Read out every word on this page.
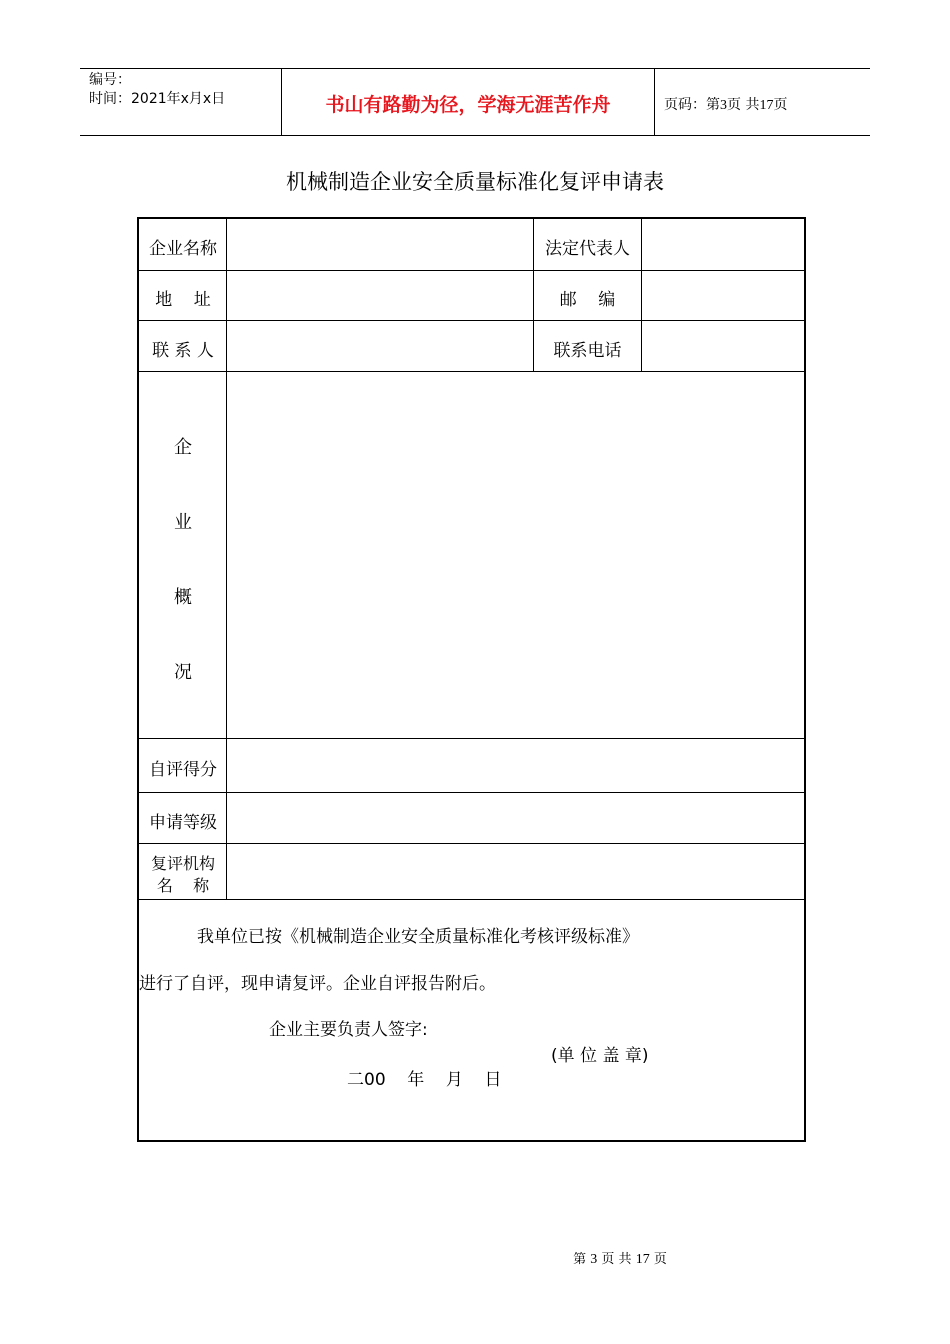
编号：
时间：2021年x月x日	书山有路勤为径，学海无涯苦作舟	页码：第3页 共17页
机械制造企业安全质量标准化复评申请表
企业名称	法定代表人
地    址	邮    编
联 系 人	联系电话
企
业
概
况
自评得分
申请等级
复评机构
名    称
我单位已按《机械制造企业安全质量标准化考核评级标准》
进行了自评，现申请复评。企业自评报告附后。
企业主要负责人签字:
(单 位 盖 章)
二00    年    月    日
第 3 页 共 17 页
